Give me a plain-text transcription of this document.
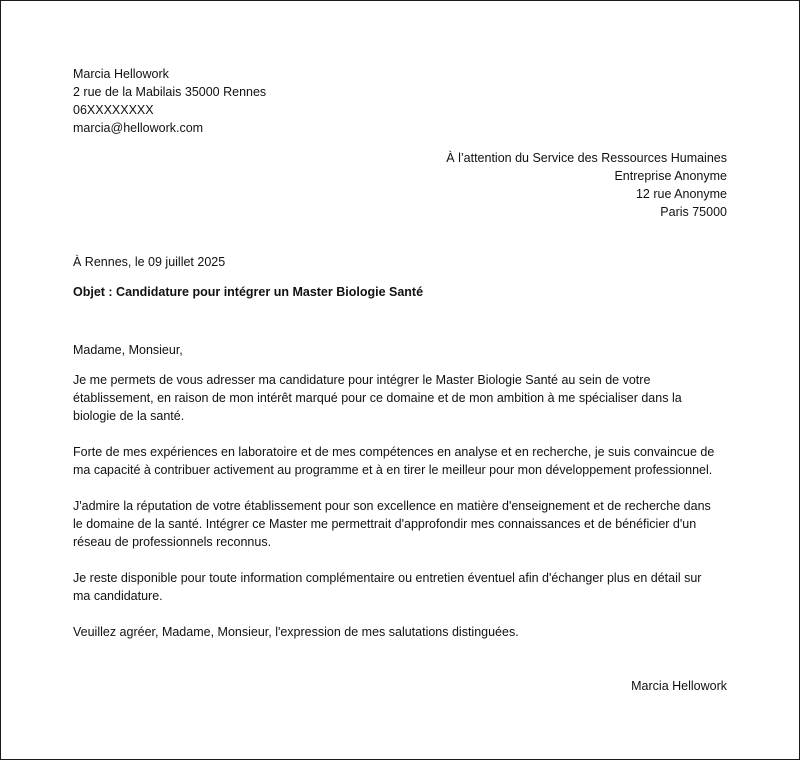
Marcia Hellowork

2 rue de la Mabilais 35000 Rennes

06XXXXXXXX

marcia@hellowork.com

À l’attention du Service des Ressources Humaines

Entreprise Anonyme

12 rue Anonyme

Paris 75000

À Rennes, le 09 juillet 2025

Objet : Candidature pour intégrer un Master Biologie Santé

Madame, Monsieur,

Je me permets de vous adresser ma candidature pour intégrer le Master Biologie Santé au sein de votre

établissement, en raison de mon intérêt marqué pour ce domaine et de mon ambition à me spécialiser dans la

biologie de la santé.

Forte de mes expériences en laboratoire et de mes compétences en analyse et en recherche, je suis convaincue de

ma capacité à contribuer activement au programme et à en tirer le meilleur pour mon développement professionnel.

J'admire la réputation de votre établissement pour son excellence en matière d'enseignement et de recherche dans

le domaine de la santé. Intégrer ce Master me permettrait d'approfondir mes connaissances et de bénéficier d'un

réseau de professionnels reconnus.

Je reste disponible pour toute information complémentaire ou entretien éventuel afin d'échanger plus en détail sur

ma candidature.

Veuillez agréer, Madame, Monsieur, l'expression de mes salutations distinguées.

Marcia Hellowork
